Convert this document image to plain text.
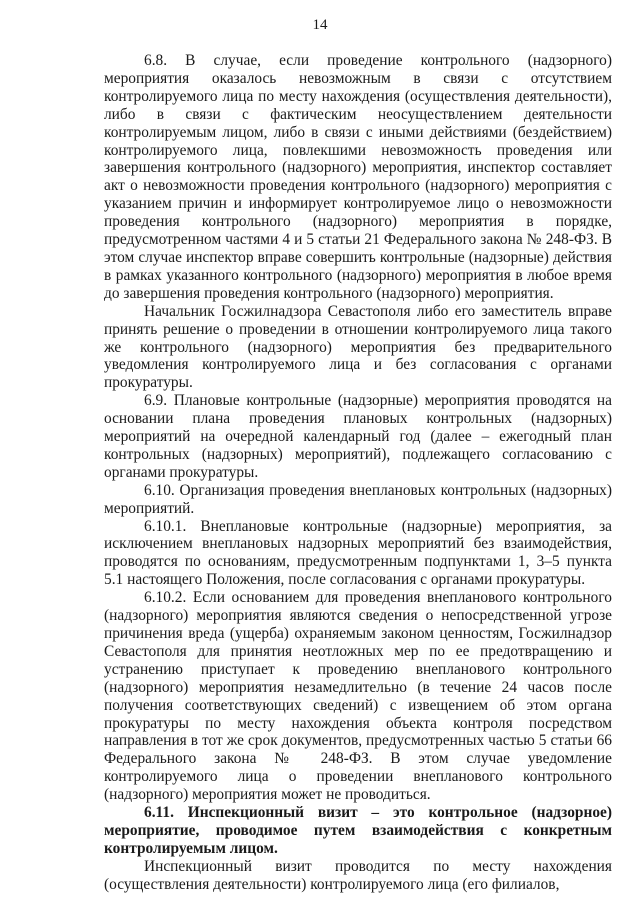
14

6.8. В случае, если проведение контрольного (надзорного) мероприятия оказалось невозможным в связи с отсутствием контролируемого лица по месту нахождения (осуществления деятельности), либо в связи с фактическим неосуществлением деятельности контролируемым лицом, либо в связи с иными действиями (бездействием) контролируемого лица, повлекшими невозможность проведения или завершения контрольного (надзорного) мероприятия, инспектор составляет акт о невозможности проведения контрольного (надзорного) мероприятия с указанием причин и информирует контролируемое лицо о невозможности проведения контрольного (надзорного) мероприятия в порядке, предусмотренном частями 4 и 5 статьи 21 Федерального закона № 248-ФЗ. В этом случае инспектор вправе совершить контрольные (надзорные) действия в рамках указанного контрольного (надзорного) мероприятия в любое время до завершения проведения контрольного (надзорного) мероприятия.

Начальник Госжилнадзора Севастополя либо его заместитель вправе принять решение о проведении в отношении контролируемого лица такого же контрольного (надзорного) мероприятия без предварительного уведомления контролируемого лица и без согласования с органами прокуратуры.

6.9. Плановые контрольные (надзорные) мероприятия проводятся на основании плана проведения плановых контрольных (надзорных) мероприятий на очередной календарный год (далее – ежегодный план контрольных (надзорных) мероприятий), подлежащего согласованию с органами прокуратуры.

6.10. Организация проведения внеплановых контрольных (надзорных) мероприятий.

6.10.1. Внеплановые контрольные (надзорные) мероприятия, за исключением внеплановых надзорных мероприятий без взаимодействия, проводятся по основаниям, предусмотренным подпунктами 1, 3–5 пункта 5.1 настоящего Положения, после согласования с органами прокуратуры.

6.10.2. Если основанием для проведения внепланового контрольного (надзорного) мероприятия являются сведения о непосредственной угрозе причинения вреда (ущерба) охраняемым законом ценностям, Госжилнадзор Севастополя для принятия неотложных мер по ее предотвращению и устранению приступает к проведению внепланового контрольного (надзорного) мероприятия незамедлительно (в течение 24 часов после получения соответствующих сведений) с извещением об этом органа прокуратуры по месту нахождения объекта контроля посредством направления в тот же срок документов, предусмотренных частью 5 статьи 66 Федерального закона № 248-ФЗ. В этом случае уведомление контролируемого лица о проведении внепланового контрольного (надзорного) мероприятия может не проводиться.

6.11. Инспекционный визит – это контрольное (надзорное) мероприятие, проводимое путем взаимодействия с конкретным контролируемым лицом.

Инспекционный визит проводится по месту нахождения (осуществления деятельности) контролируемого лица (его филиалов,
